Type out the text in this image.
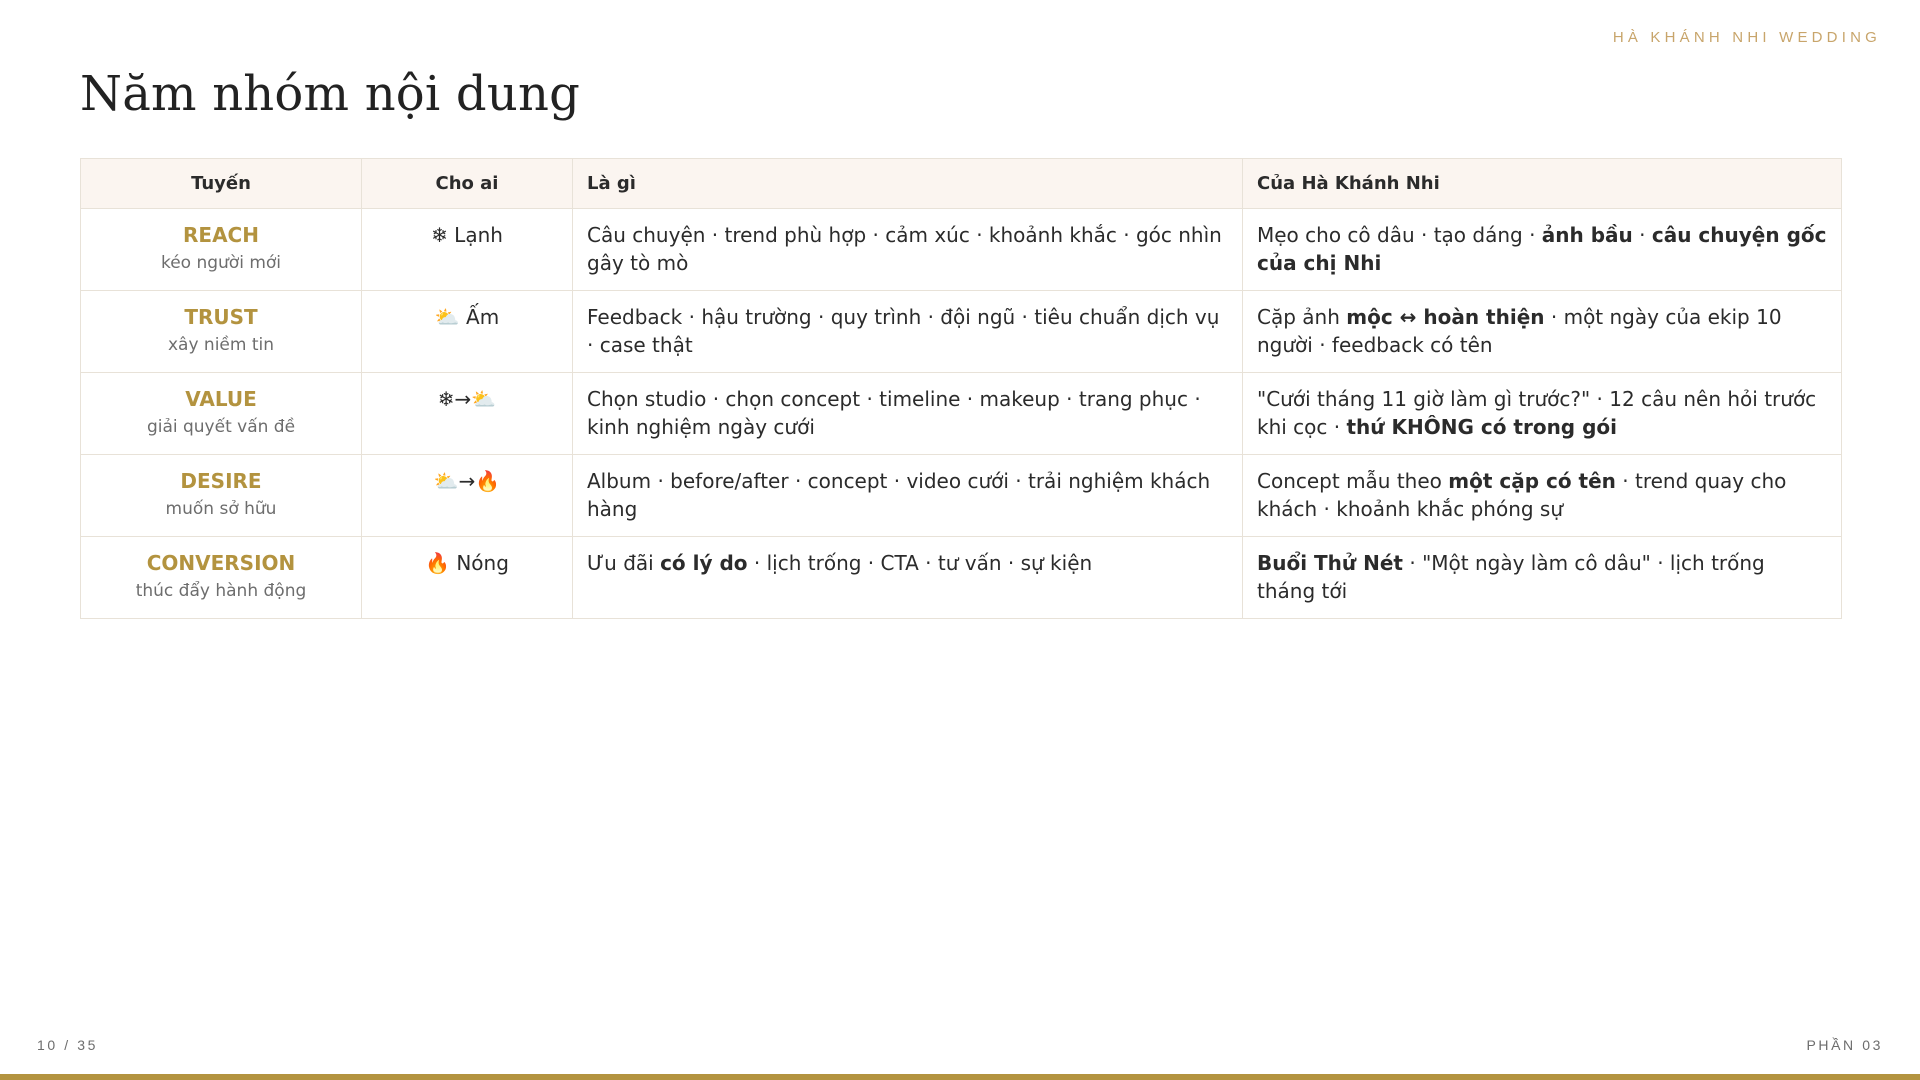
HÀ KHÁNH NHI WEDDING
Năm nhóm nội dung
Tuyến	Cho ai	Là gì	Của Hà Khánh Nhi

REACH
kéo người mới	❄ Lạnh	Câu chuyện · trend phù hợp · cảm xúc · khoảnh khắc · góc nhìn gây tò mò	Mẹo cho cô dâu · tạo dáng · ảnh bầu · câu chuyện gốc của chị Nhi

TRUST
xây niềm tin	⛅ Ấm	Feedback · hậu trường · quy trình · đội ngũ · tiêu chuẩn dịch vụ · case thật	Cặp ảnh mộc ↔ hoàn thiện · một ngày của ekip 10 người · feedback có tên

VALUE
giải quyết vấn đề	❄→⛅	Chọn studio · chọn concept · timeline · makeup · trang phục · kinh nghiệm ngày cưới	"Cưới tháng 11 giờ làm gì trước?" · 12 câu nên hỏi trước khi cọc · thứ KHÔNG có trong gói

DESIRE
muốn sở hữu	⛅→🔥	Album · before/after · concept · video cưới · trải nghiệm khách hàng	Concept mẫu theo một cặp có tên · trend quay cho khách · khoảnh khắc phóng sự

CONVERSION
thúc đẩy hành động	🔥 Nóng	Ưu đãi có lý do · lịch trống · CTA · tư vấn · sự kiện	Buổi Thử Nét · "Một ngày làm cô dâu" · lịch trống tháng tới
10 / 35	PHẦN 03
